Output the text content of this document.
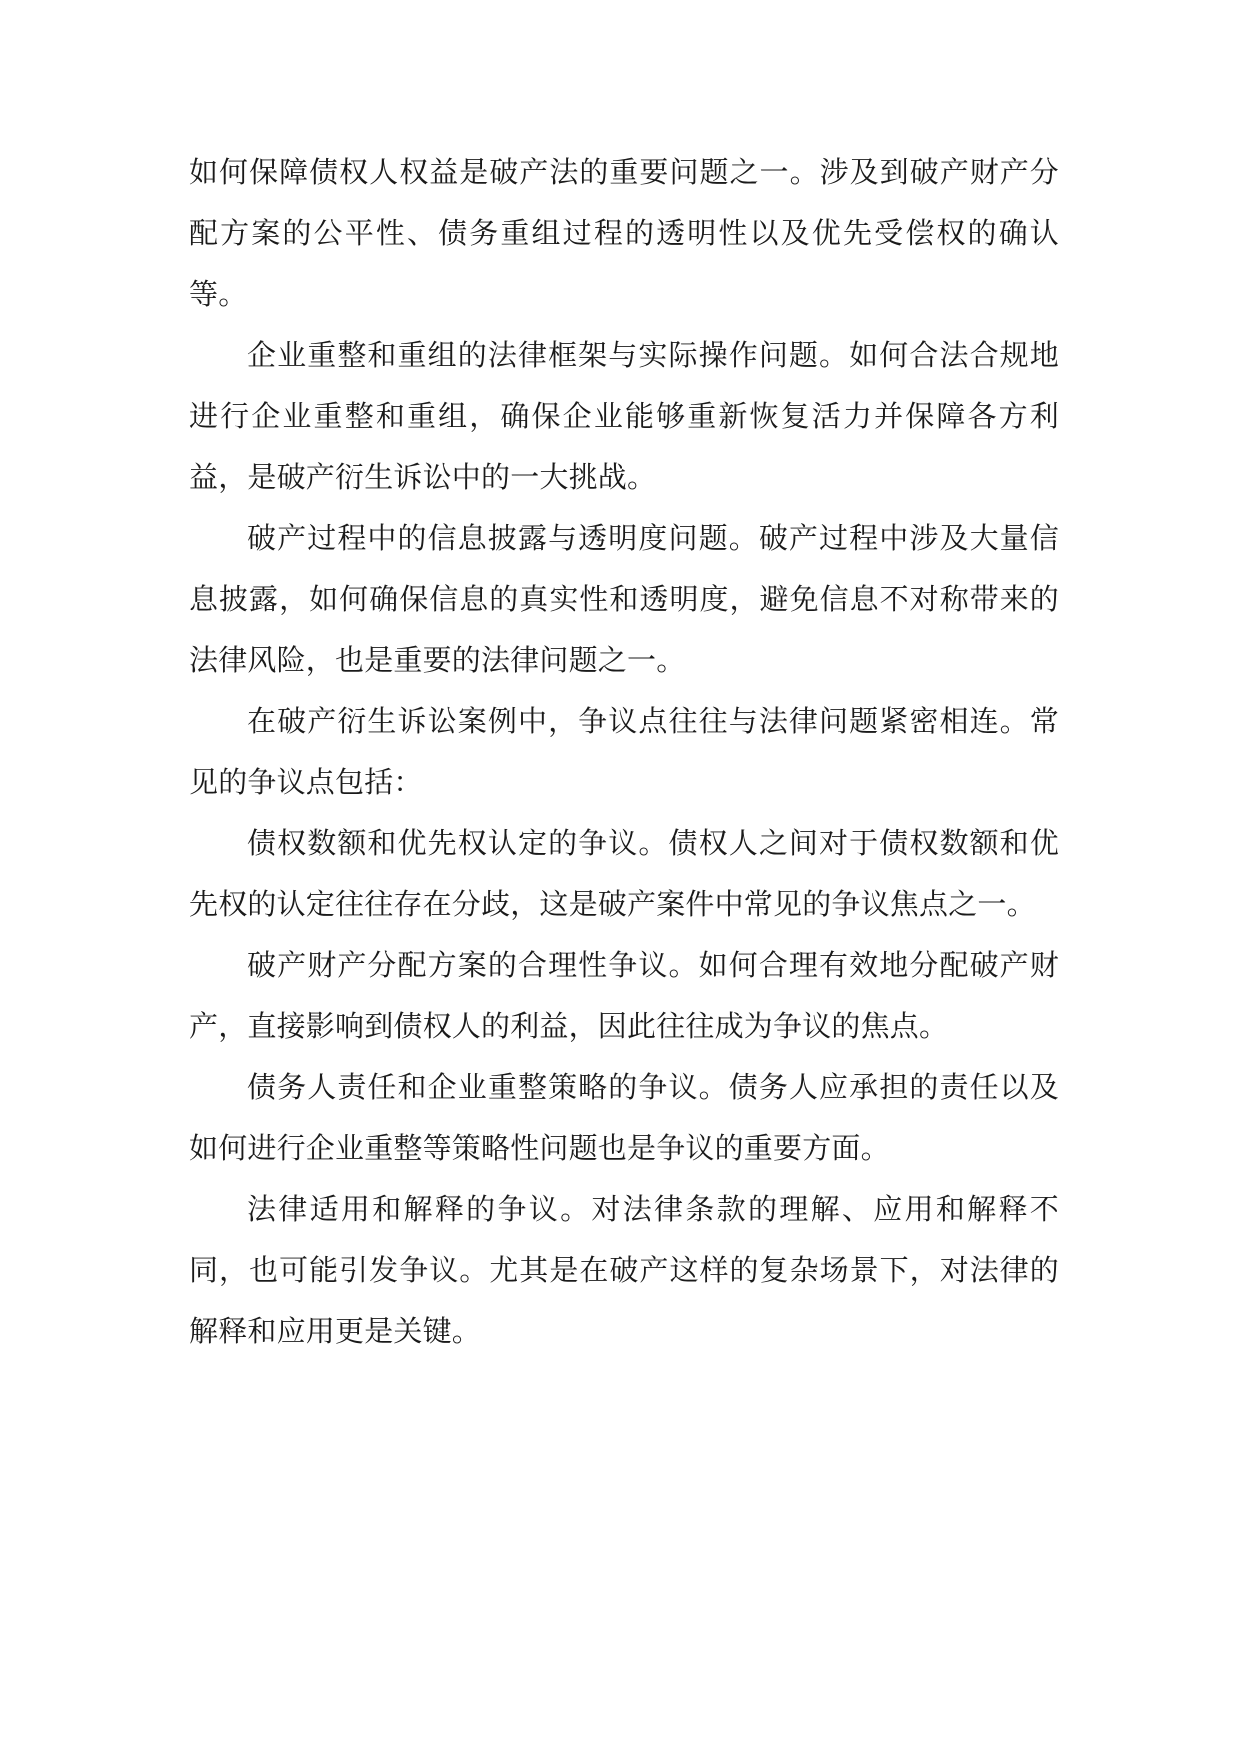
如何保障债权人权益是破产法的重要问题之一。涉及到破产财产分配方案的公平性、债务重组过程的透明性以及优先受偿权的确认等。

企业重整和重组的法律框架与实际操作问题。如何合法合规地进行企业重整和重组，确保企业能够重新恢复活力并保障各方利益，是破产衍生诉讼中的一大挑战。

破产过程中的信息披露与透明度问题。破产过程中涉及大量信息披露，如何确保信息的真实性和透明度，避免信息不对称带来的法律风险，也是重要的法律问题之一。

在破产衍生诉讼案例中，争议点往往与法律问题紧密相连。常见的争议点包括：

债权数额和优先权认定的争议。债权人之间对于债权数额和优先权的认定往往存在分歧，这是破产案件中常见的争议焦点之一。

破产财产分配方案的合理性争议。如何合理有效地分配破产财产，直接影响到债权人的利益，因此往往成为争议的焦点。

债务人责任和企业重整策略的争议。债务人应承担的责任以及如何进行企业重整等策略性问题也是争议的重要方面。

法律适用和解释的争议。对法律条款的理解、应用和解释不同，也可能引发争议。尤其是在破产这样的复杂场景下，对法律的解释和应用更是关键。
